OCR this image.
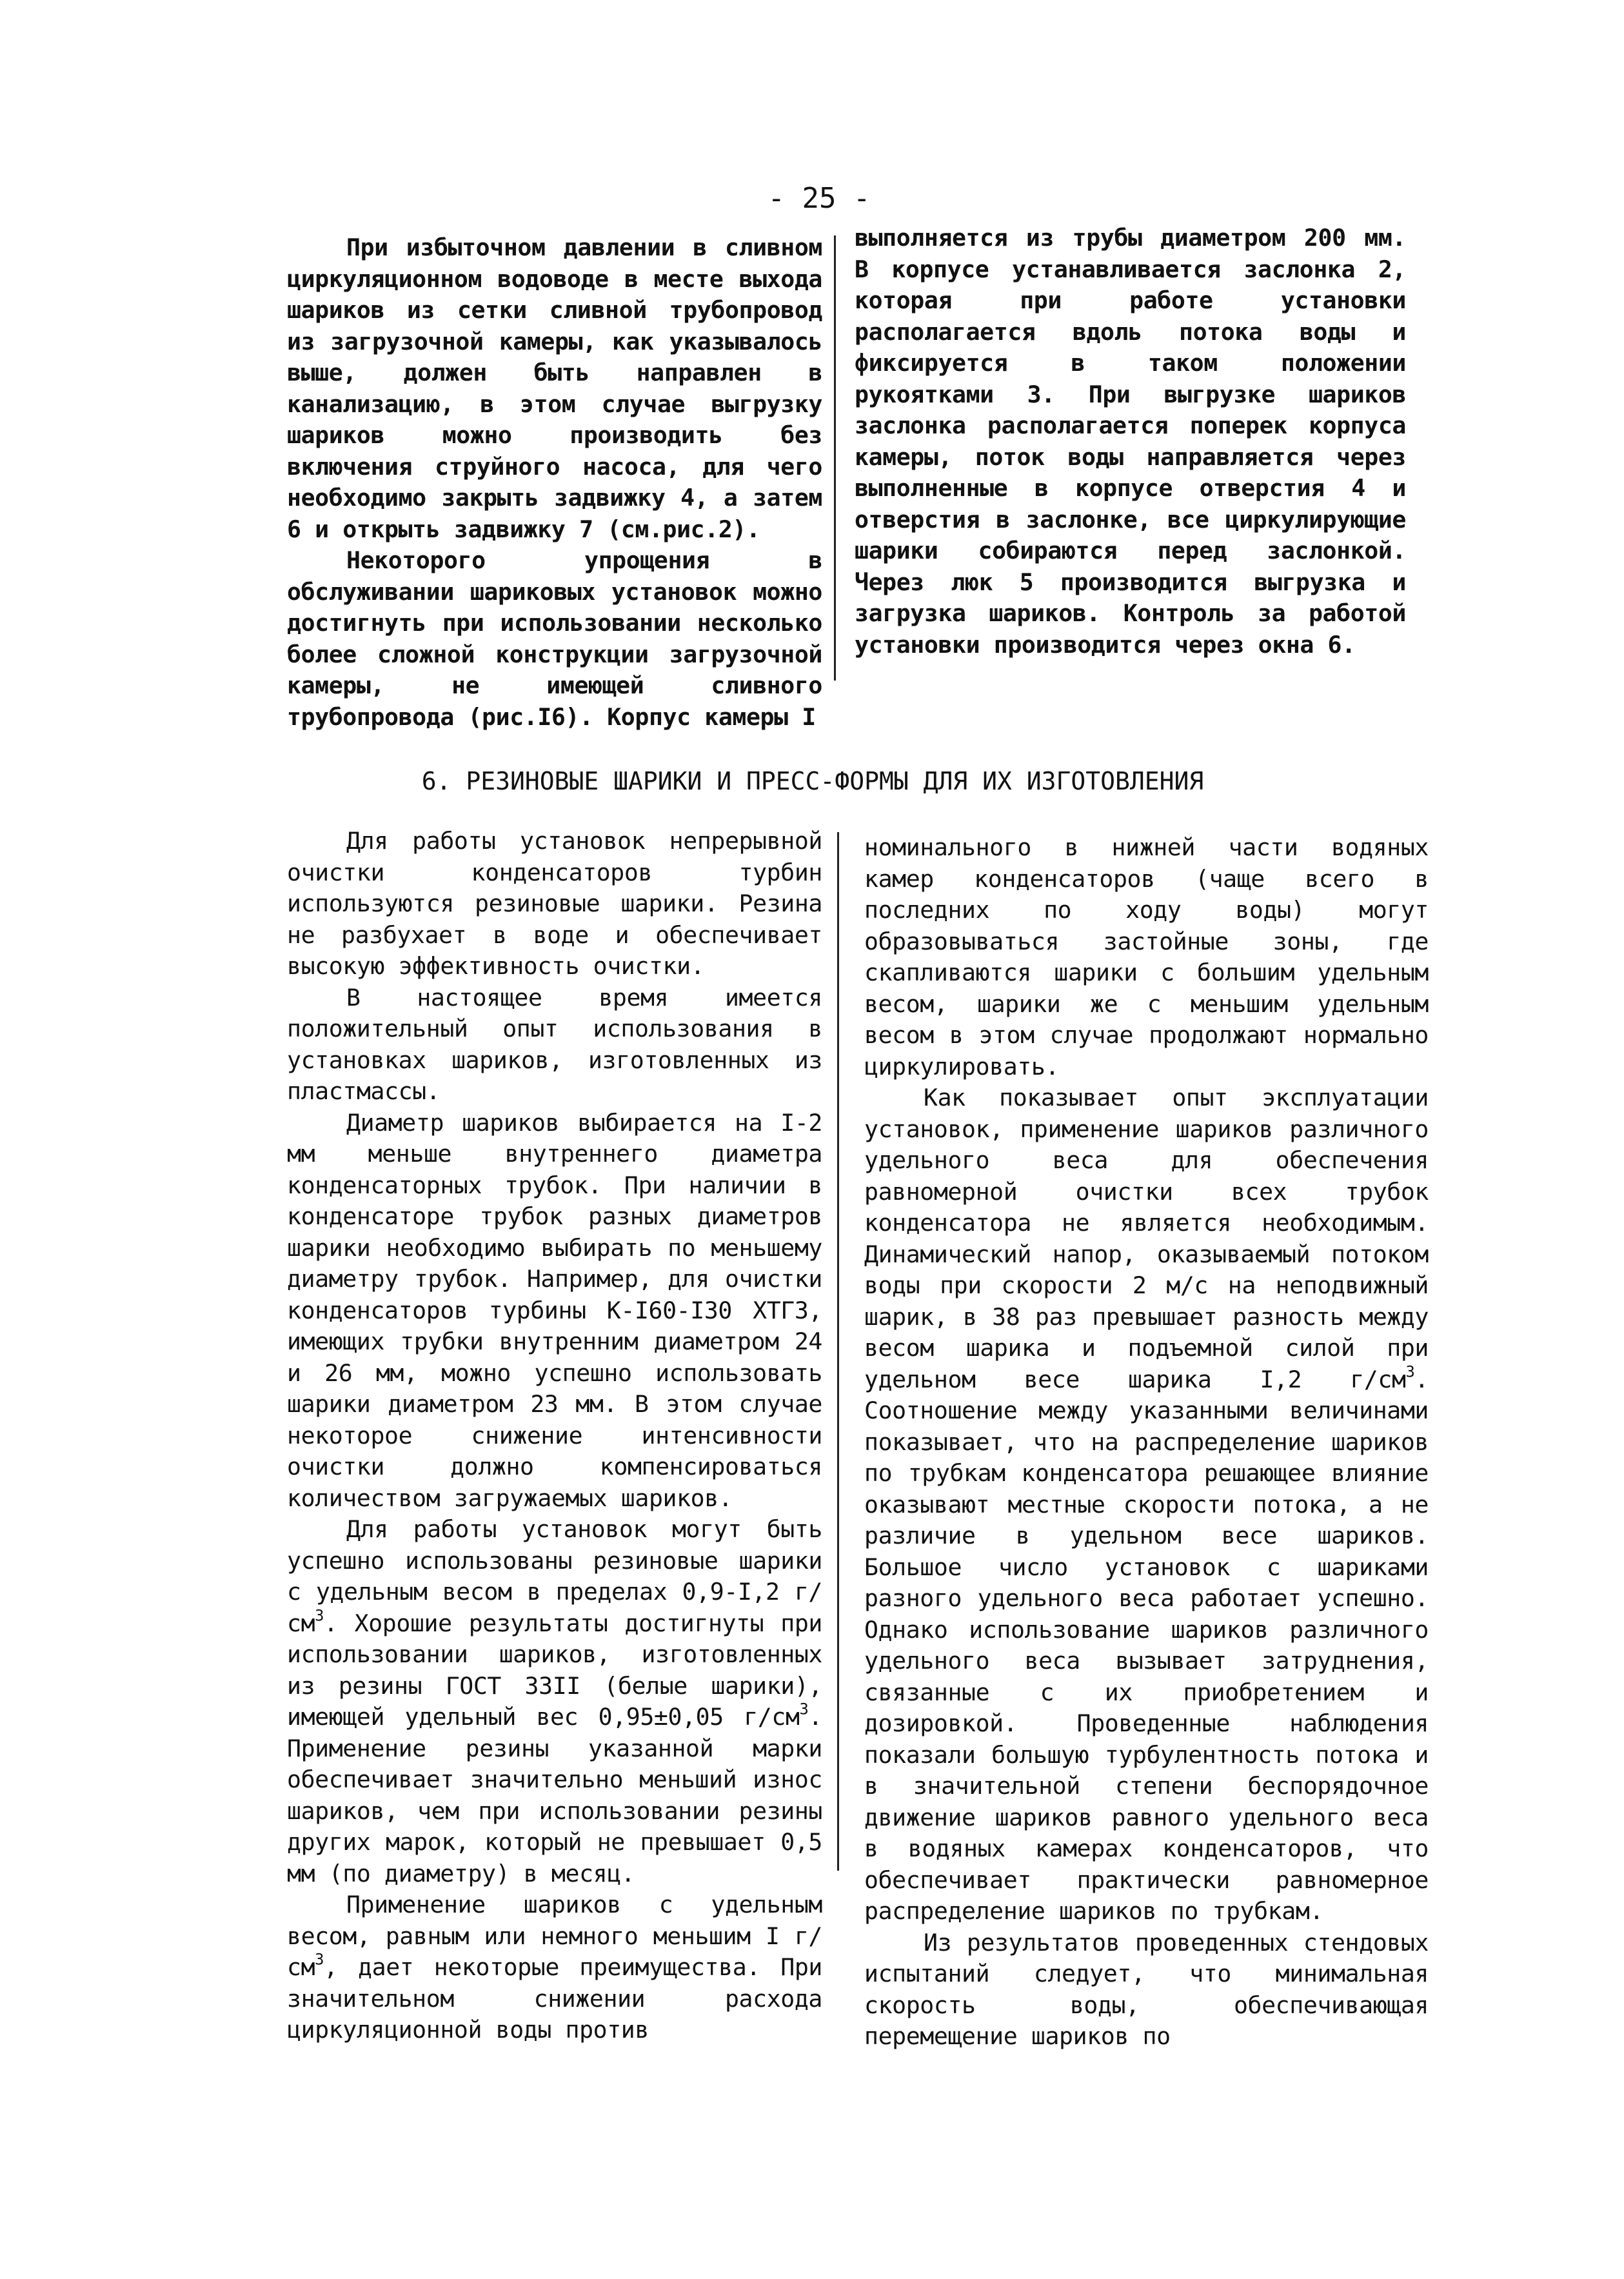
- 25 -

При избыточном давлении в сливном циркуляционном водоводе в месте выхода шариков из сетки сливной трубопровод из загрузочной камеры, как указывалось выше, должен быть направлен в канализацию, в этом случае выгрузку шариков можно производить без включения струйного насоса, для чего необходимо закрыть задвижку 4, а затем 6 и открыть задвижку 7 (см.рис.2).

Некоторого упрощения в обслуживании шариковых установок можно достигнуть при использовании несколько более сложной конструкции загрузочной камеры, не имеющей сливного трубопровода (рис.I6). Корпус камеры I

выполняется из трубы диаметром 200 мм. В корпусе устанавливается заслонка 2, которая при работе установки располагается вдоль потока воды и фиксируется в таком положении рукоятками 3. При выгрузке шариков заслонка располагается поперек корпуса камеры, поток воды направляется через выполненные в корпусе отверстия 4 и отверстия в заслонке, все циркулирующие шарики собираются перед заслонкой. Через люк 5 производится выгрузка и загрузка шариков. Контроль за работой установки производится через окна 6.

6. РЕЗИНОВЫЕ ШАРИКИ И ПРЕСС-ФОРМЫ ДЛЯ ИХ ИЗГОТОВЛЕНИЯ

Для работы установок непрерывной очистки конденсаторов турбин используются резиновые шарики. Резина не разбухает в воде и обеспечивает высокую эффективность очистки.

В настоящее время имеется положительный опыт использования в установках шариков, изготовленных из пластмассы.

Диаметр шариков выбирается на I-2 мм меньше внутреннего диаметра конденсаторных трубок. При наличии в конденсаторе трубок разных диаметров шарики необходимо выбирать по меньшему диаметру трубок. Например, для очистки конденсаторов турбины К-I60-I30 ХТГЗ, имеющих трубки внутренним диаметром 24 и 26 мм, можно успешно использовать шарики диаметром 23 мм. В этом случае некоторое снижение интенсивности очистки должно компенсироваться количеством загружаемых шариков.

Для работы установок могут быть успешно использованы резиновые шарики с удельным весом в пределах 0,9-I,2 $г/см^3$. Хорошие результаты достигнуты при использовании шариков, изготовленных из резины ГОСТ 33II (белые шарики), имеющей удельный вес 0,95±0,05 $г/см^3$. Применение резины указанной марки обеспечивает значительно меньший износ шариков, чем при использовании резины других марок, который не превышает 0,5 мм (по диаметру) в месяц.

Применение шариков с удельным весом, равным или немного меньшим I $г/см^3$, дает некоторые преимущества. При значительном снижении расхода циркуляционной воды против

номинального в нижней части водяных камер конденсаторов (чаще всего в последних по ходу воды) могут образовываться застойные зоны, где скапливаются шарики с большим удельным весом, шарики же с меньшим удельным весом в этом случае продолжают нормально циркулировать.

Как показывает опыт эксплуатации установок, применение шариков различного удельного веса для обеспечения равномерной очистки всех трубок конденсатора не является необходимым. Динамический напор, оказываемый потоком воды при скорости 2 м/с на неподвижный шарик, в 38 раз превышает разность между весом шарика и подъемной силой при удельном весе шарика I,2 $г/см^3$. Соотношение между указанными величинами показывает, что на распределение шариков по трубкам конденсатора решающее влияние оказывают местные скорости потока, а не различие в удельном весе шариков. Большое число установок с шариками разного удельного веса работает успешно. Однако использование шариков различного удельного веса вызывает затруднения, связанные с их приобретением и дозировкой. Проведенные наблюдения показали большую турбулентность потока и в значительной степени беспорядочное движение шариков равного удельного веса в водяных камерах конденсаторов, что обеспечивает практически равномерное распределение шариков по трубкам.

Из результатов проведенных стендовых испытаний следует, что минимальная скорость воды, обеспечивающая перемещение шариков по
